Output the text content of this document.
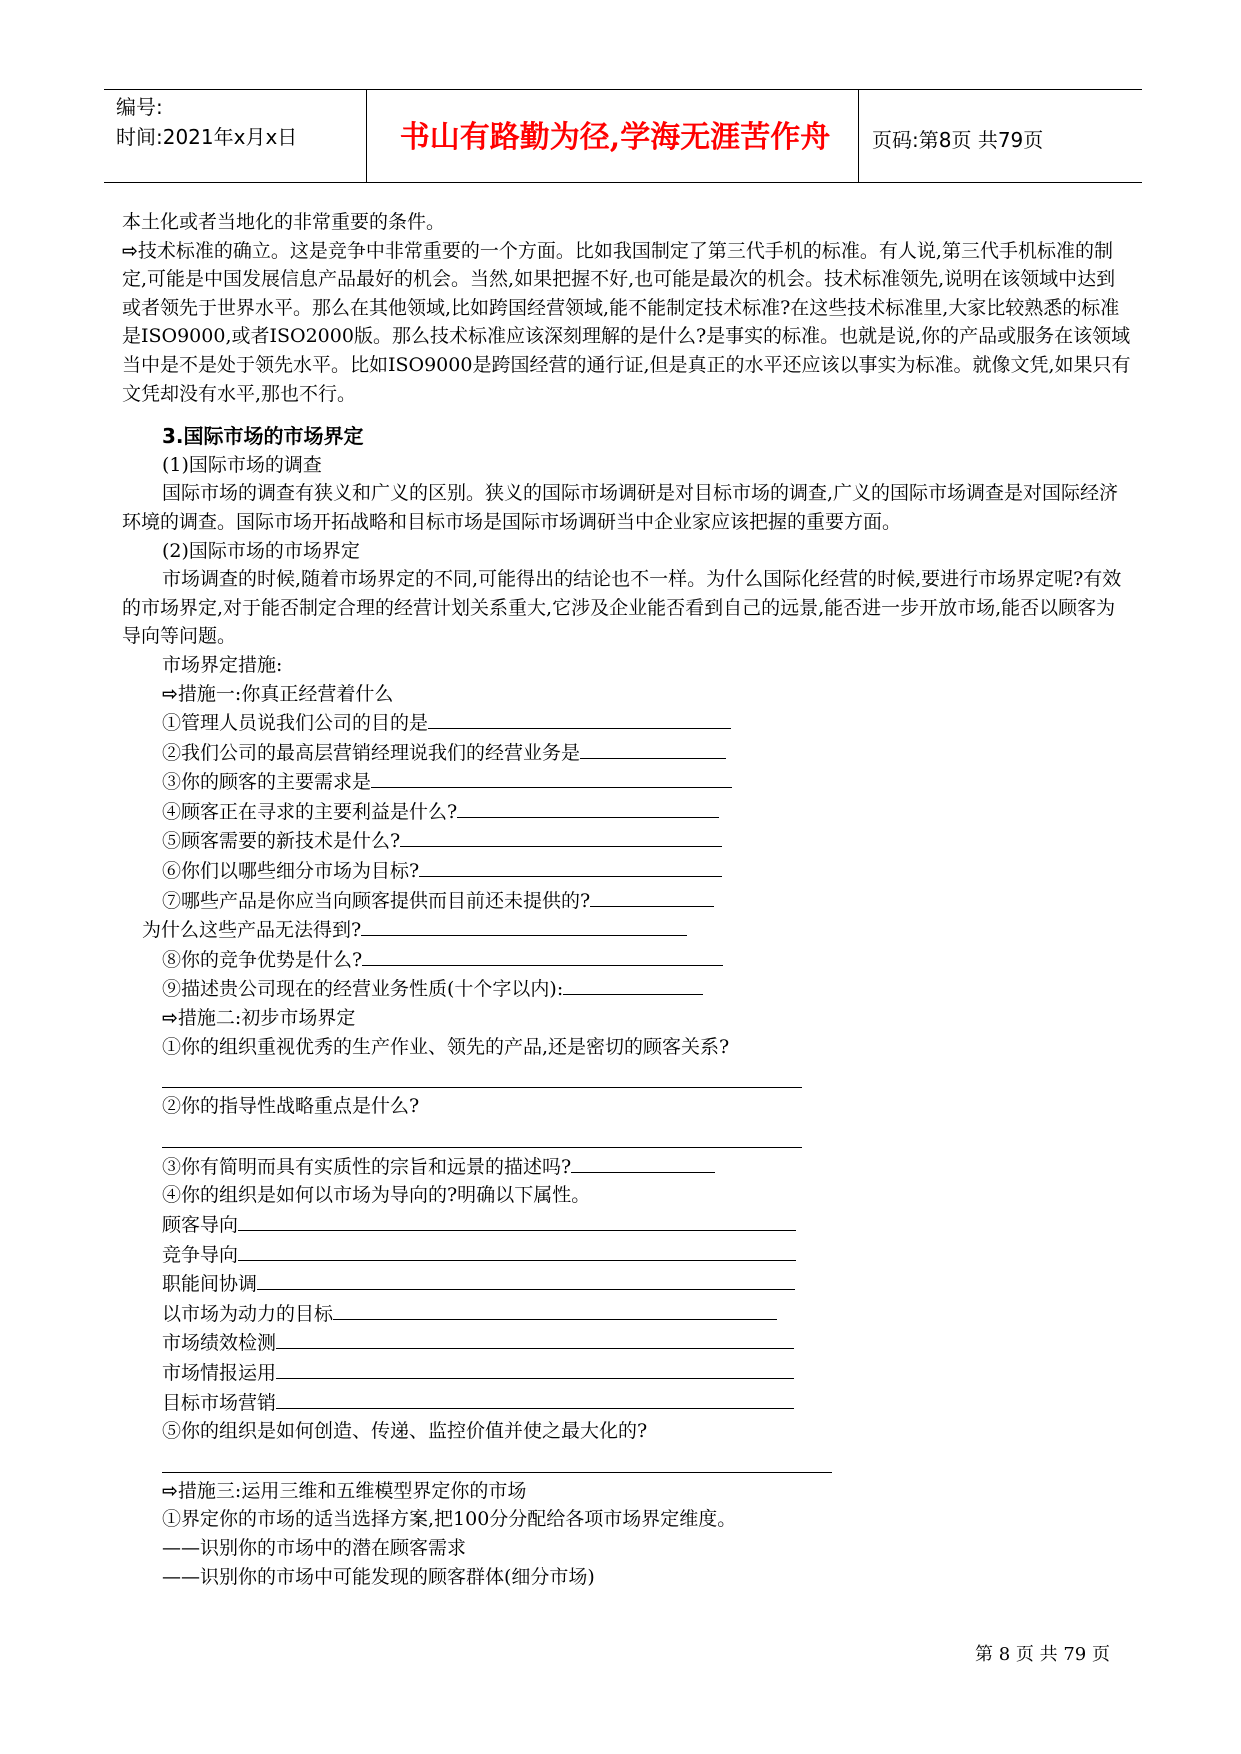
编号:
时间:2021年x月x日	书山有路勤为径,学海无涯苦作舟	页码:第8页 共79页

本土化或者当地化的非常重要的条件。

⇨技术标准的确立。这是竞争中非常重要的一个方面。比如我国制定了第三代手机的标准。有人说,第三代手机标准的制定,可能是中国发展信息产品最好的机会。当然,如果把握不好,也可能是最次的机会。技术标准领先,说明在该领域中达到或者领先于世界水平。那么在其他领域,比如跨国经营领域,能不能制定技术标准?在这些技术标准里,大家比较熟悉的标准是ISO9000,或者ISO2000版。那么技术标准应该深刻理解的是什么?是事实的标准。也就是说,你的产品或服务在该领域当中是不是处于领先水平。比如ISO9000是跨国经营的通行证,但是真正的水平还应该以事实为标准。就像文凭,如果只有文凭却没有水平,那也不行。

3.国际市场的市场界定

(1)国际市场的调查

国际市场的调查有狭义和广义的区别。狭义的国际市场调研是对目标市场的调查,广义的国际市场调查是对国际经济环境的调查。国际市场开拓战略和目标市场是国际市场调研当中企业家应该把握的重要方面。

(2)国际市场的市场界定

市场调查的时候,随着市场界定的不同,可能得出的结论也不一样。为什么国际化经营的时候,要进行市场界定呢?有效的市场界定,对于能否制定合理的经营计划关系重大,它涉及企业能否看到自己的远景,能否进一步开放市场,能否以顾客为导向等问题。

市场界定措施:

⇨措施一:你真正经营着什么

①管理人员说我们公司的目的是

②我们公司的最高层营销经理说我们的经营业务是

③你的顾客的主要需求是

④顾客正在寻求的主要利益是什么?

⑤顾客需要的新技术是什么?

⑥你们以哪些细分市场为目标?

⑦哪些产品是你应当向顾客提供而目前还未提供的?

为什么这些产品无法得到?

⑧你的竞争优势是什么?

⑨描述贵公司现在的经营业务性质(十个字以内):

⇨措施二:初步市场界定

①你的组织重视优秀的生产作业、领先的产品,还是密切的顾客关系?

②你的指导性战略重点是什么?

③你有简明而具有实质性的宗旨和远景的描述吗?

④你的组织是如何以市场为导向的?明确以下属性。

顾客导向

竞争导向

职能间协调

以市场为动力的目标

市场绩效检测

市场情报运用

目标市场营销

⑤你的组织是如何创造、传递、监控价值并使之最大化的?

⇨措施三:运用三维和五维模型界定你的市场

①界定你的市场的适当选择方案,把100分分配给各项市场界定维度。

——识别你的市场中的潜在顾客需求

——识别你的市场中可能发现的顾客群体(细分市场)

第 8 页 共 79 页
